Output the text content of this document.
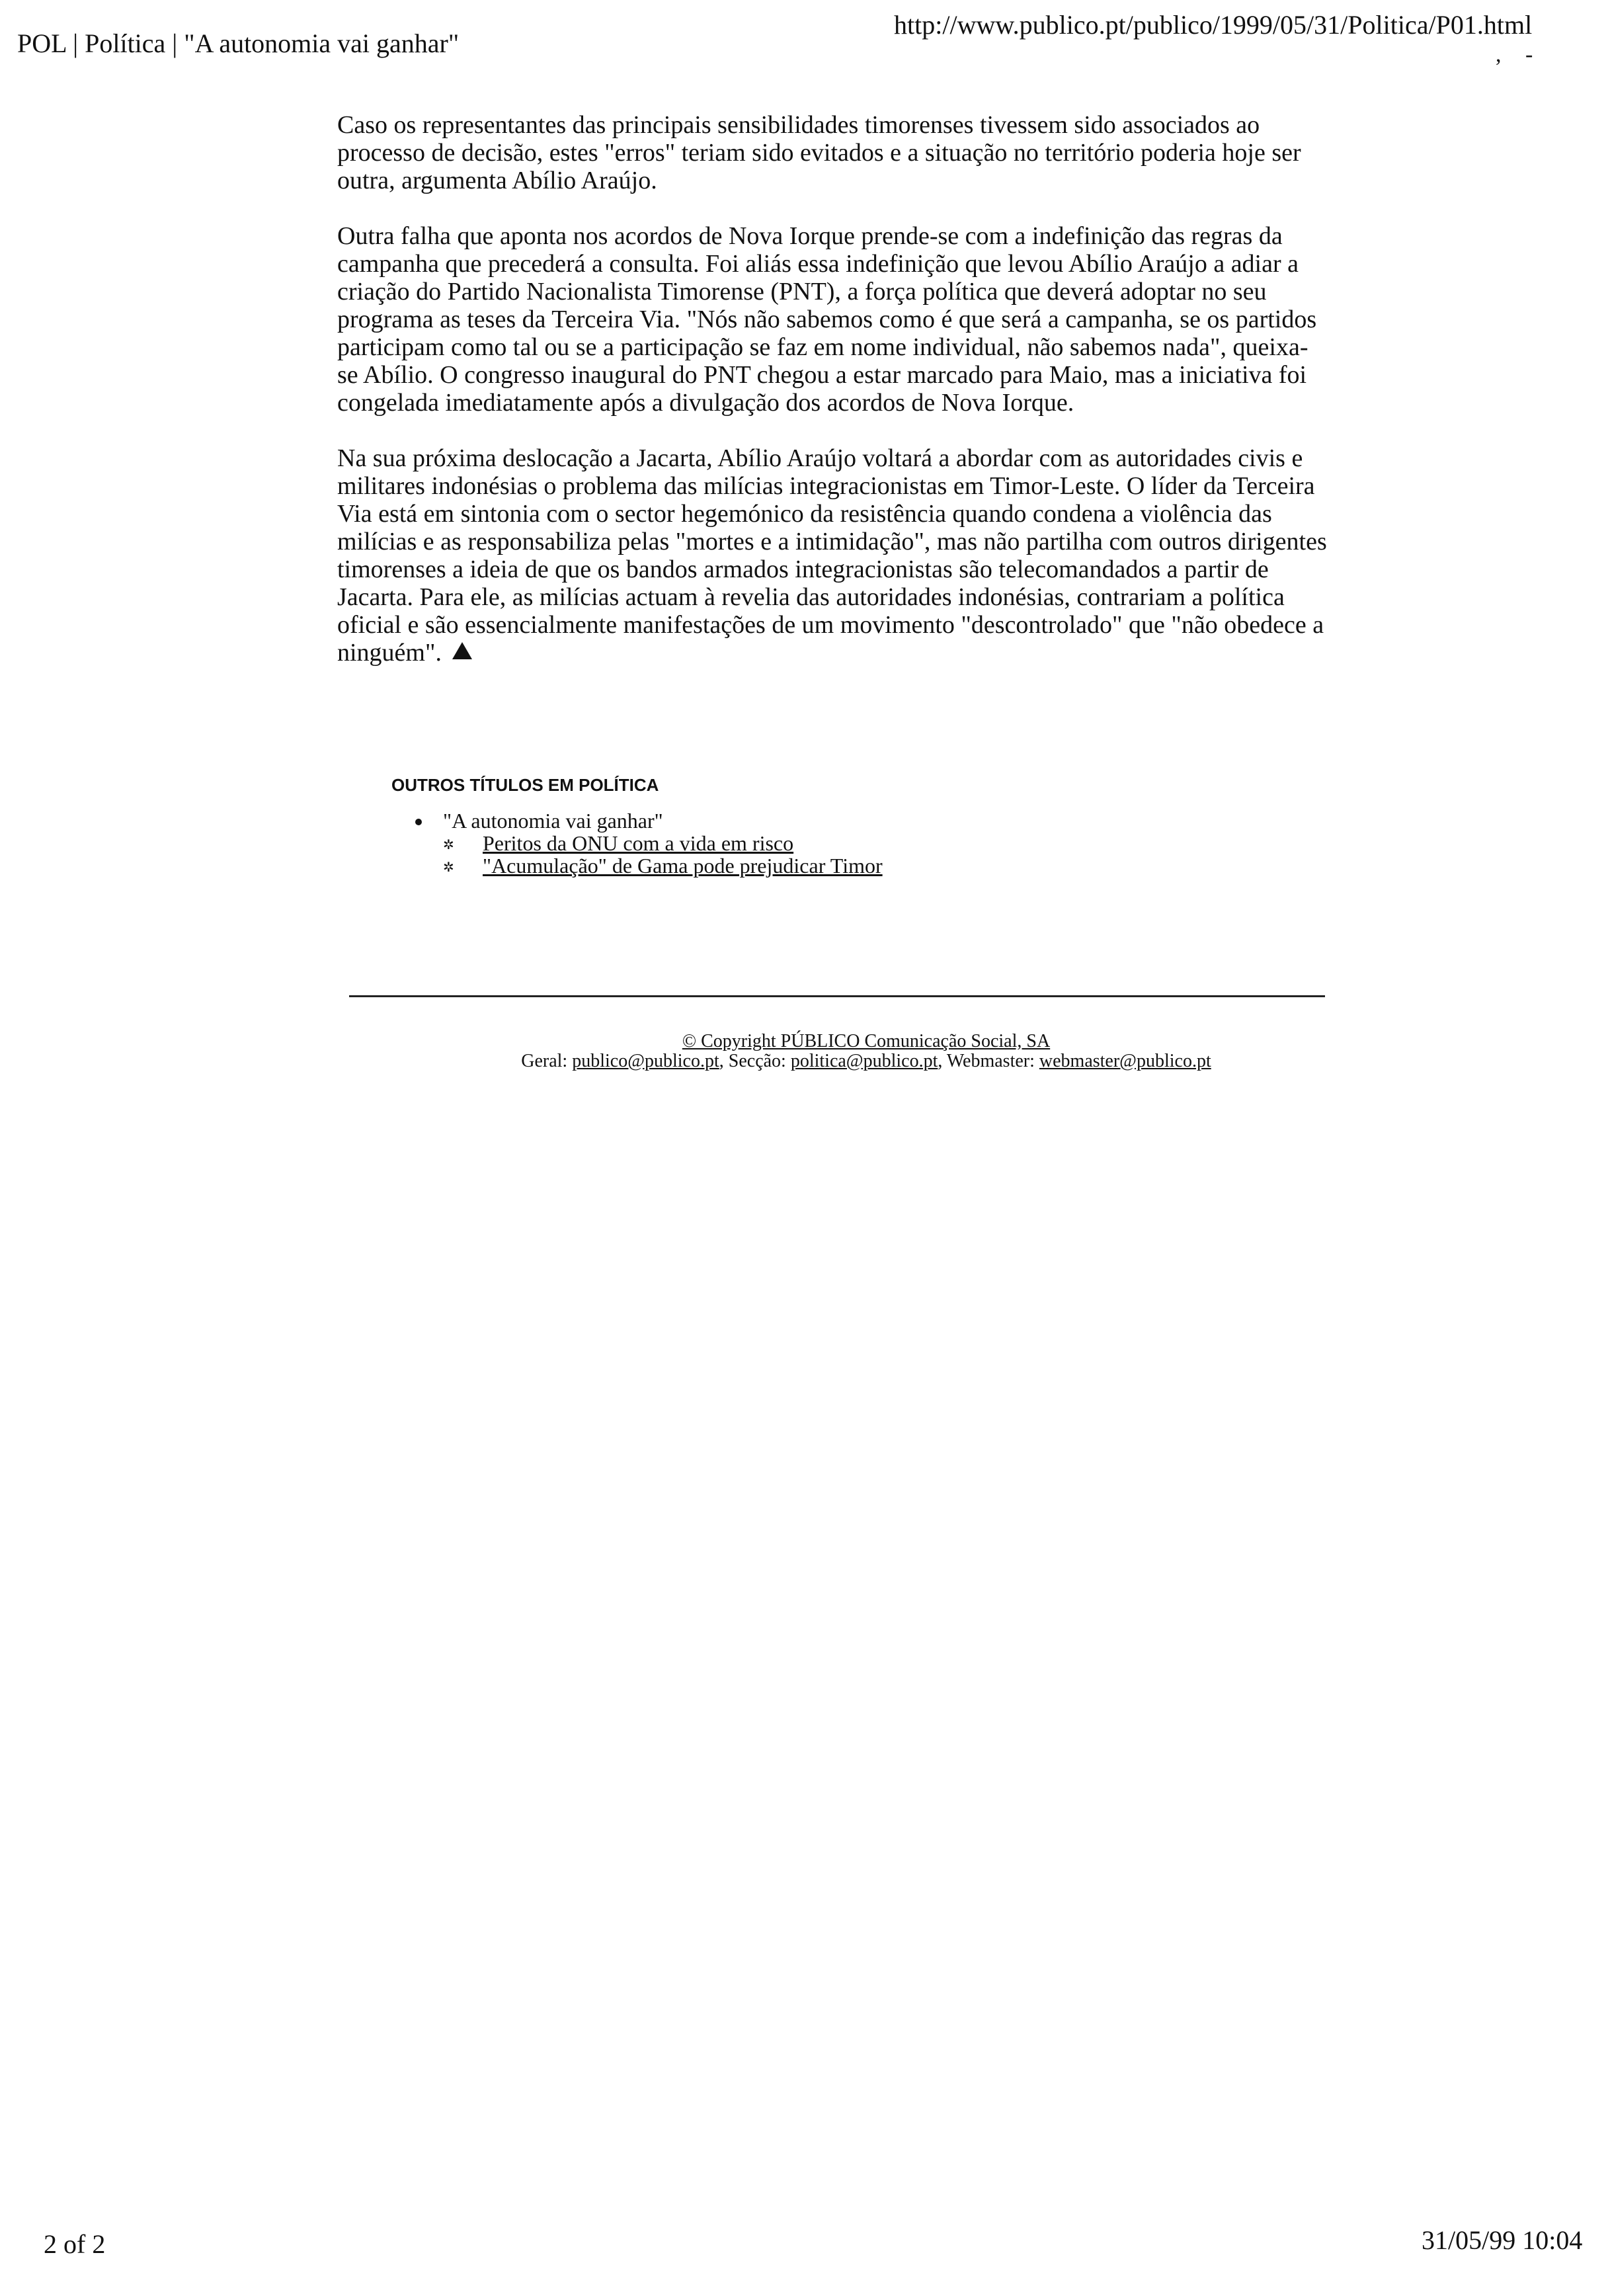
POL | Política | "A autonomia vai ganhar"
http://www.publico.pt/publico/1999/05/31/Politica/P01.html
, -

Caso os representantes das principais sensibilidades timorenses tivessem sido associados ao processo de decisão, estes "erros" teriam sido evitados e a situação no território poderia hoje ser outra, argumenta Abílio Araújo.

Outra falha que aponta nos acordos de Nova Iorque prende-se com a indefinição das regras da campanha que precederá a consulta. Foi aliás essa indefinição que levou Abílio Araújo a adiar a criação do Partido Nacionalista Timorense (PNT), a força política que deverá adoptar no seu programa as teses da Terceira Via. "Nós não sabemos como é que será a campanha, se os partidos participam como tal ou se a participação se faz em nome individual, não sabemos nada", queixa-se Abílio. O congresso inaugural do PNT chegou a estar marcado para Maio, mas a iniciativa foi congelada imediatamente após a divulgação dos acordos de Nova Iorque.

Na sua próxima deslocação a Jacarta, Abílio Araújo voltará a abordar com as autoridades civis e militares indonésias o problema das milícias integracionistas em Timor-Leste. O líder da Terceira Via está em sintonia com o sector hegemónico da resistência quando condena a violência das milícias e as responsabiliza pelas "mortes e a intimidação", mas não partilha com outros dirigentes timorenses a ideia de que os bandos armados integracionistas são telecomandados a partir de Jacarta. Para ele, as milícias actuam à revelia das autoridades indonésias, contrariam a política oficial e são essencialmente manifestações de um movimento "descontrolado" que "não obedece a ninguém".

OUTROS TÍTULOS EM POLÍTICA
"A autonomia vai ganhar"
✲ Peritos da ONU com a vida em risco
✲ "Acumulação" de Gama pode prejudicar Timor
© Copyright PÚBLICO Comunicação Social, SA
Geral: publico@publico.pt, Secção: politica@publico.pt, Webmaster: webmaster@publico.pt
2 of 2	31/05/99 10:04
